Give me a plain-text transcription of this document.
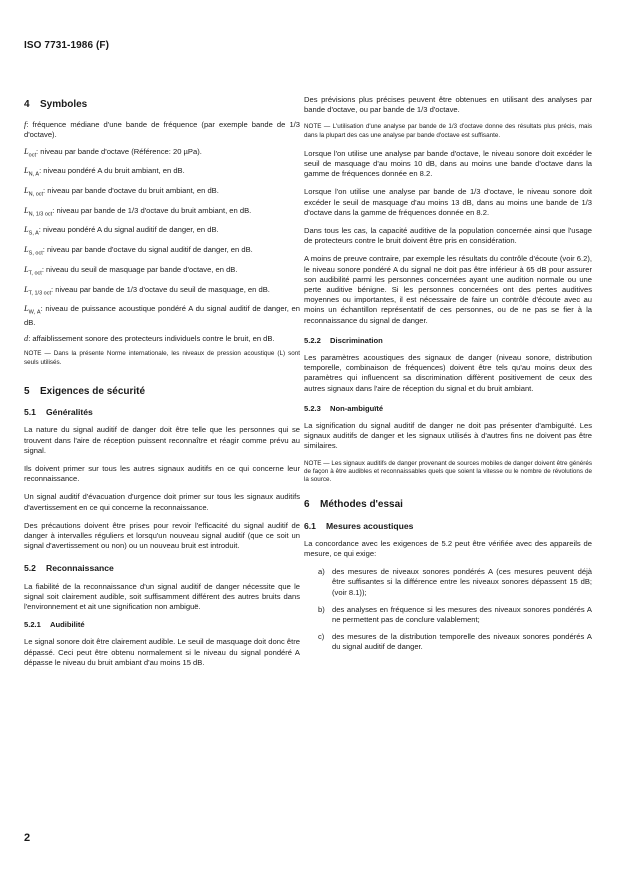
ISO 7731-1986 (F)
4 Symboles

f: fréquence médiane d'une bande de fréquence (par exemple bande de 1/3 d'octave).

$L_{oct}$: niveau par bande d'octave (Référence: 20 µPa).

$L_{N, A}$: niveau pondéré A du bruit ambiant, en dB.

$L_{N, oct}$: niveau par bande d'octave du bruit ambiant, en dB.

$L_{N, 1/3 oct}$: niveau par bande de 1/3 d'octave du bruit ambiant, en dB.

$L_{S, A}$: niveau pondéré A du signal auditif de danger, en dB.

$L_{S, oct}$: niveau par bande d'octave du signal auditif de danger, en dB.

$L_{T, oct}$: niveau du seuil de masquage par bande d'octave, en dB.

$L_{T, 1/3 oct}$: niveau par bande de 1/3 d'octave du seuil de masquage, en dB.

$L_{W, A}$: niveau de puissance acoustique pondéré A du signal auditif de danger, en dB.

d: affaiblissement sonore des protecteurs individuels contre le bruit, en dB.

NOTE — Dans la présente Norme internationale, les niveaux de pression acoustique (L) sont seuls utilisés.

5 Exigences de sécurité
5.1 Généralités

La nature du signal auditif de danger doit être telle que les personnes qui se trouvent dans l'aire de réception puissent reconnaître et réagir comme prévu au signal.

Ils doivent primer sur tous les autres signaux auditifs en ce qui concerne leur reconnaissance.

Un signal auditif d'évacuation d'urgence doit primer sur tous les signaux auditifs d'avertissement en ce qui concerne la reconnaissance.

Des précautions doivent être prises pour revoir l'efficacité du signal auditif de danger à intervalles réguliers et lorsqu'un nouveau signal auditif (que ce soit un signal d'avertissement ou non) ou un nouveau bruit est introduit.

5.2 Reconnaissance

La fiabilité de la reconnaissance d'un signal auditif de danger nécessite que le signal soit clairement audible, soit suffisamment différent des autres bruits dans l'environnement et ait une signification non ambiguë.

5.2.1 Audibilité

Le signal sonore doit être clairement audible. Le seuil de masquage doit donc être dépassé. Ceci peut être obtenu normalement si le niveau du signal pondéré A dépasse le niveau du bruit ambiant d'au moins 15 dB.

Des prévisions plus précises peuvent être obtenues en utilisant des analyses par bande d'octave, ou par bande de 1/3 d'octave.

NOTE — L'utilisation d'une analyse par bande de 1/3 d'octave donne des résultats plus précis, mais dans la plupart des cas une analyse par bande d'octave est suffisante.

Lorsque l'on utilise une analyse par bande d'octave, le niveau sonore doit excéder le seuil de masquage d'au moins 10 dB, dans au moins une bande d'octave dans la gamme de fréquences donnée en 8.2.

Lorsque l'on utilise une analyse par bande de 1/3 d'octave, le niveau sonore doit excéder le seuil de masquage d'au moins 13 dB, dans au moins une bande de 1/3 d'octave dans la gamme de fréquences donnée en 8.2.

Dans tous les cas, la capacité auditive de la population concernée ainsi que l'usage de protecteurs contre le bruit doivent être pris en considération.

A moins de preuve contraire, par exemple les résultats du contrôle d'écoute (voir 6.2), le niveau sonore pondéré A du signal ne doit pas être inférieur à 65 dB pour assurer son audibilité parmi les personnes concernées ayant une audition normale ou une perte auditive bénigne. Si les personnes concernées ont des pertes auditives moyennes ou importantes, il est nécessaire de faire un contrôle d'écoute avec au moins un échantillon représentatif de ces personnes, ou de ne pas se fier à la reconnaissance du signal de danger.

5.2.2 Discrimination

Les paramètres acoustiques des signaux de danger (niveau sonore, distribution temporelle, combinaison de fréquences) doivent être tels qu'au moins deux des paramètres qui influencent sa discrimination diffèrent positivement de ceux des autres signaux dans l'aire de réception du signal et du bruit ambiant.

5.2.3 Non-ambiguïté

La signification du signal auditif de danger ne doit pas présenter d'ambiguïté. Les signaux auditifs de danger et les signaux utilisés à d'autres fins ne doivent pas être similaires.

NOTE — Les signaux auditifs de danger provenant de sources mobiles de danger doivent être générés de façon à être audibles et reconnaissables quels que soient la vitesse ou le nombre de révolutions de la source.

6 Méthodes d'essai
6.1 Mesures acoustiques

La concordance avec les exigences de 5.2 peut être vérifiée avec des appareils de mesure, ce qui exige:

a) des mesures de niveaux sonores pondérés A (ces mesures peuvent déjà être suffisantes si la différence entre les niveaux sonores dépassent 15 dB; (voir 8.1));
b) des analyses en fréquence si les mesures des niveaux sonores pondérés A ne permettent pas de conclure valablement;
c)	des mesures de la distribution temporelle des niveaux sonores pondérés A du signal auditif de danger.
2
